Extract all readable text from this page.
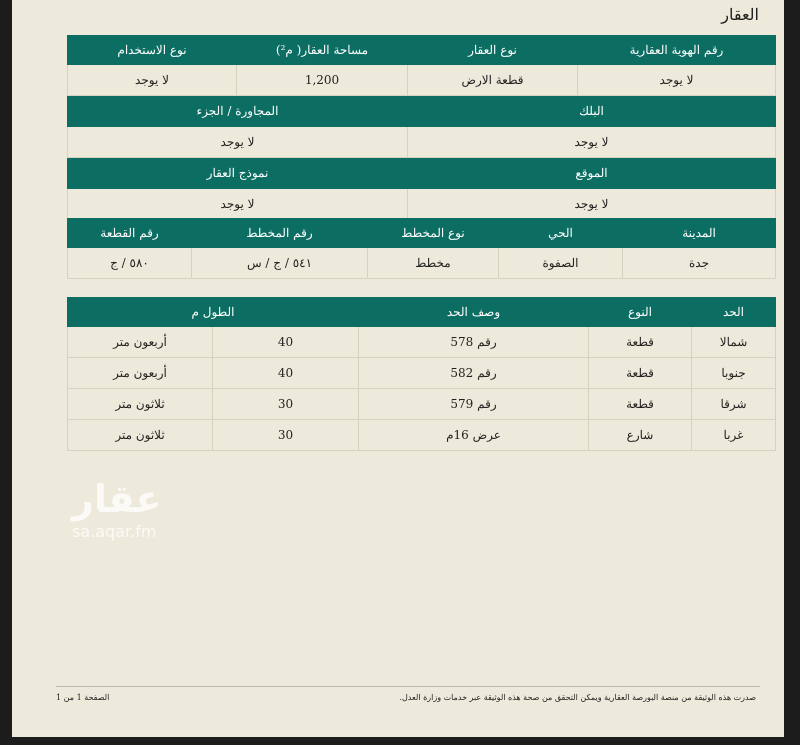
العقار
رقم الهوية العقارية	نوع العقار	مساحة العقار( م²)	نوع الاستخدام
لا يوجد	قطعة الارض	1,200	لا يوجد
البلك		المجاورة / الجزء	
لا يوجد		لا يوجد	
الموقع		نموذج العقار	
لا يوجد		لا يوجد	
المدينة	الحي	نوع المخطط	رقم المخطط	رقم القطعة
جدة	الصفوة	مخطط	٥٤١ / ج / س	٥٨٠ / ج
الحد	النوع	وصف الحد	الطول م	
شمالا	قطعة	رقم 578	40	أربعون متر
جنوبا	قطعة	رقم 582	40	أربعون متر
شرقا	قطعة	رقم 579	30	ثلاثون متر
غربا	شارع	عرض 16م	30	ثلاثون متر
عقار
sa.aqar.fm
صدرت هذه الوثيقة من منصة البورصة العقارية ويمكن التحقق من صحة هذه الوثيقة عبر خدمات وزارة العدل.
الصفحة 1 من 1
